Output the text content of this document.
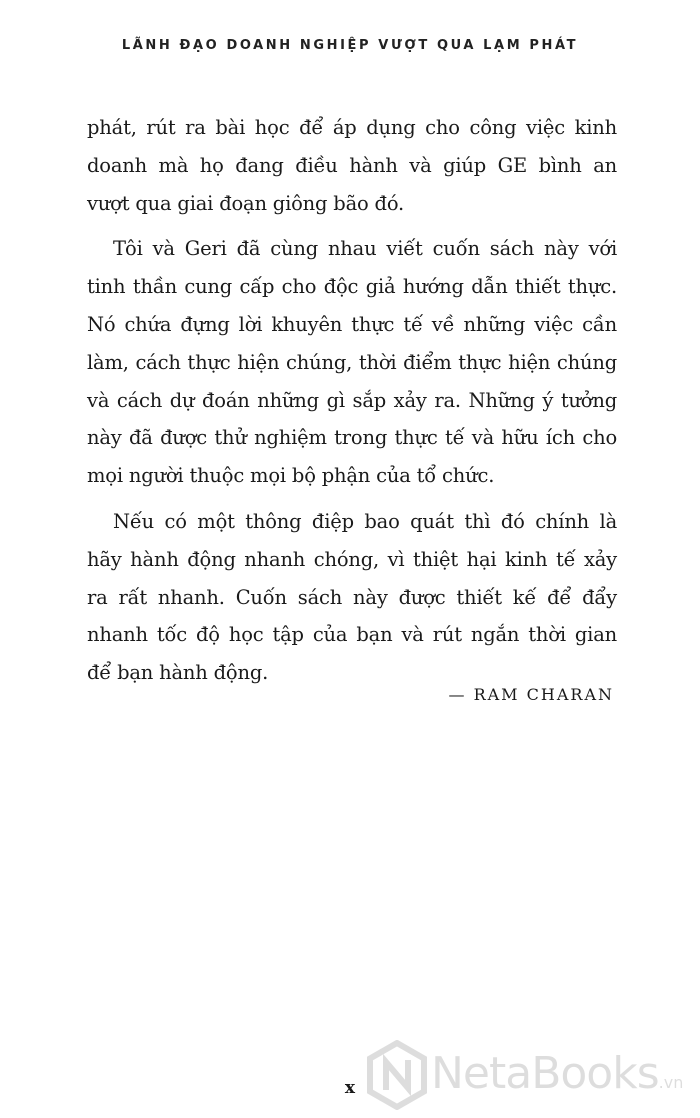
LÃNH ĐẠO DOANH NGHIỆP VƯỢT QUA LẠM PHÁT
phát, rút ra bài học để áp dụng cho công việc kinh
doanh mà họ đang điều hành và giúp GE bình an
vượt qua giai đoạn giông bão đó.
Tôi và Geri đã cùng nhau viết cuốn sách này với
tinh thần cung cấp cho độc giả hướng dẫn thiết thực.
Nó chứa đựng lời khuyên thực tế về những việc cần
làm, cách thực hiện chúng, thời điểm thực hiện chúng
và cách dự đoán những gì sắp xảy ra. Những ý tưởng
này đã được thử nghiệm trong thực tế và hữu ích cho
mọi người thuộc mọi bộ phận của tổ chức.
Nếu có một thông điệp bao quát thì đó chính là
hãy hành động nhanh chóng, vì thiệt hại kinh tế xảy
ra rất nhanh. Cuốn sách này được thiết kế để đẩy
nhanh tốc độ học tập của bạn và rút ngắn thời gian
để bạn hành động.
— RAM CHARAN
x	NetaBooks.vn
